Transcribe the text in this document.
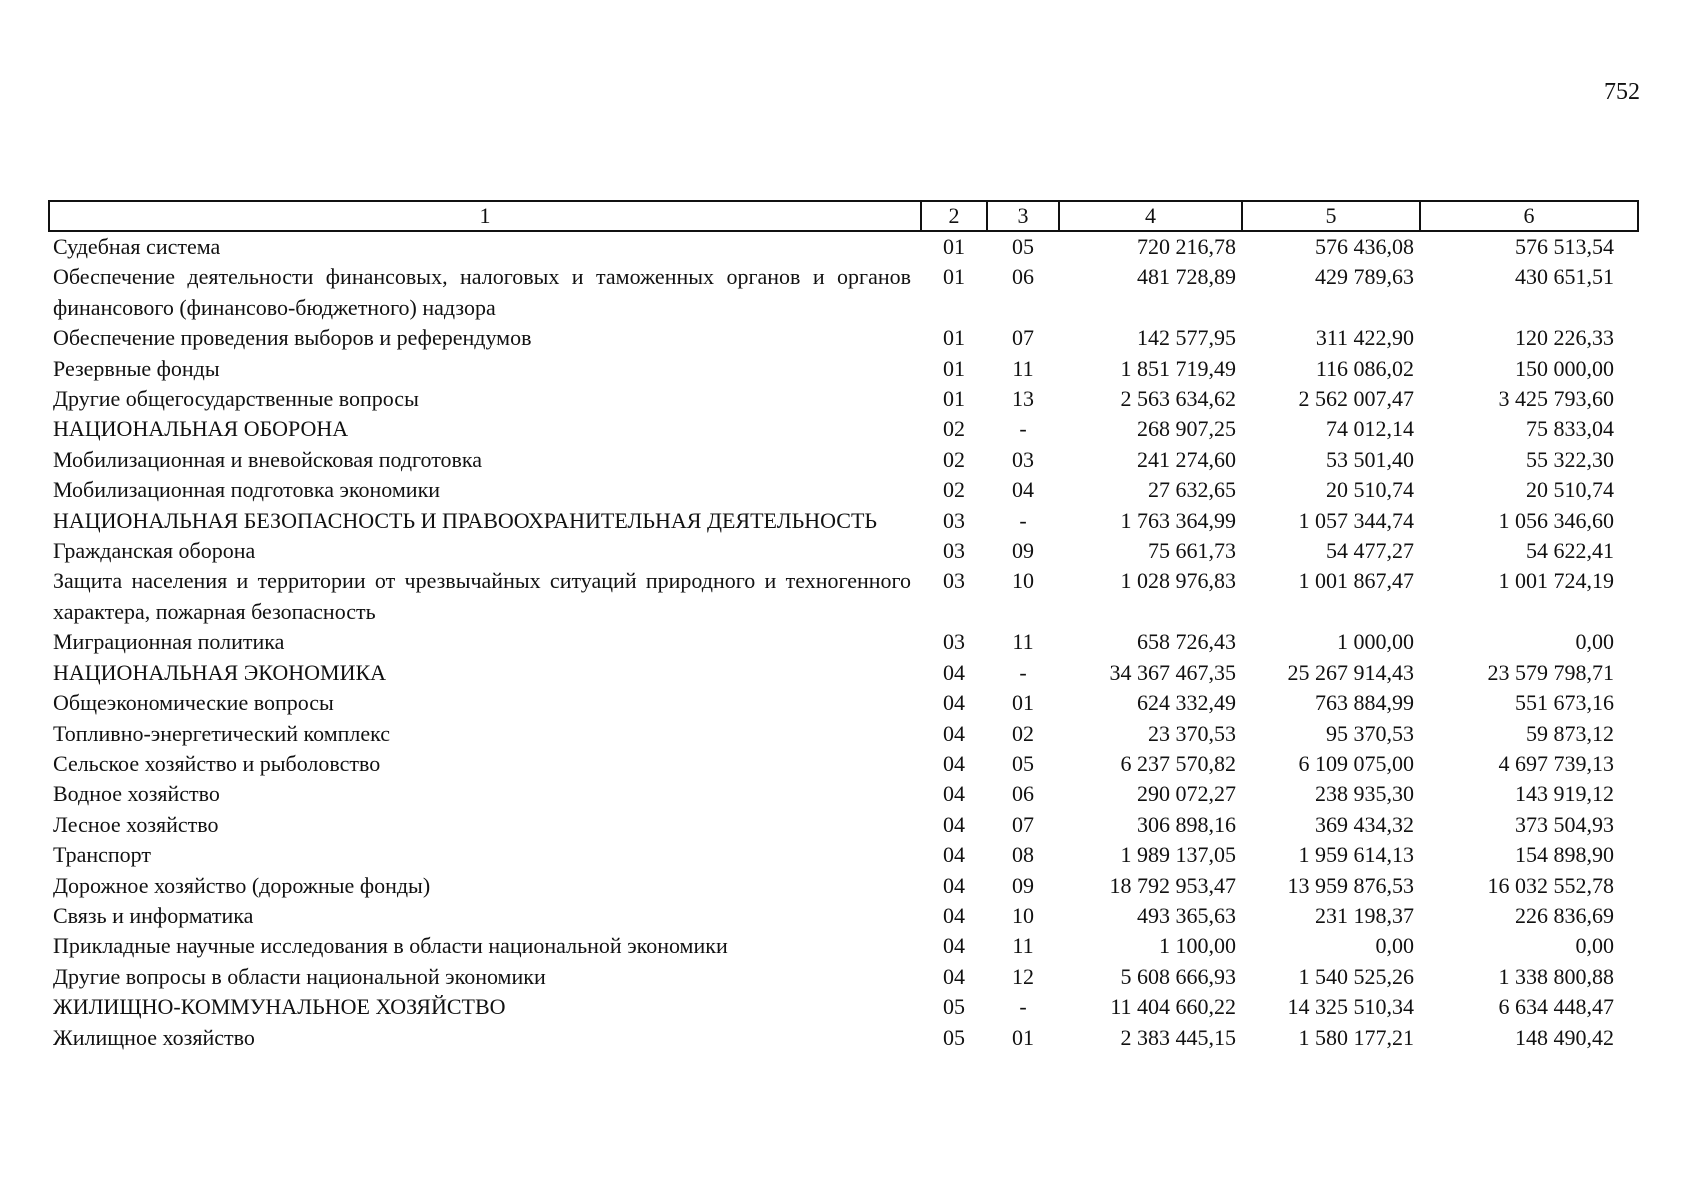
752
1	2	3	4	5	6
Судебная система	01	05	720 216,78	576 436,08	576 513,54
Обеспечение деятельности финансовых, налоговых и таможенных органов и органов финансового (финансово-бюджетного) надзора	01	06	481 728,89	429 789,63	430 651,51
Обеспечение проведения выборов и референдумов	01	07	142 577,95	311 422,90	120 226,33
Резервные фонды	01	11	1 851 719,49	116 086,02	150 000,00
Другие общегосударственные вопросы	01	13	2 563 634,62	2 562 007,47	3 425 793,60
НАЦИОНАЛЬНАЯ ОБОРОНА	02	-	268 907,25	74 012,14	75 833,04
Мобилизационная и вневойсковая подготовка	02	03	241 274,60	53 501,40	55 322,30
Мобилизационная подготовка экономики	02	04	27 632,65	20 510,74	20 510,74
НАЦИОНАЛЬНАЯ БЕЗОПАСНОСТЬ И ПРАВООХРАНИТЕЛЬНАЯ ДЕЯТЕЛЬНОСТЬ	03	-	1 763 364,99	1 057 344,74	1 056 346,60
Гражданская оборона	03	09	75 661,73	54 477,27	54 622,41
Защита населения и территории от чрезвычайных ситуаций природного и техногенного характера, пожарная безопасность	03	10	1 028 976,83	1 001 867,47	1 001 724,19
Миграционная политика	03	11	658 726,43	1 000,00	0,00
НАЦИОНАЛЬНАЯ ЭКОНОМИКА	04	-	34 367 467,35	25 267 914,43	23 579 798,71
Общеэкономические вопросы	04	01	624 332,49	763 884,99	551 673,16
Топливно-энергетический комплекс	04	02	23 370,53	95 370,53	59 873,12
Сельское хозяйство и рыболовство	04	05	6 237 570,82	6 109 075,00	4 697 739,13
Водное хозяйство	04	06	290 072,27	238 935,30	143 919,12
Лесное хозяйство	04	07	306 898,16	369 434,32	373 504,93
Транспорт	04	08	1 989 137,05	1 959 614,13	154 898,90
Дорожное хозяйство (дорожные фонды)	04	09	18 792 953,47	13 959 876,53	16 032 552,78
Связь и информатика	04	10	493 365,63	231 198,37	226 836,69
Прикладные научные исследования в области национальной экономики	04	11	1 100,00	0,00	0,00
Другие вопросы в области национальной экономики	04	12	5 608 666,93	1 540 525,26	1 338 800,88
ЖИЛИЩНО-КОММУНАЛЬНОЕ ХОЗЯЙСТВО	05	-	11 404 660,22	14 325 510,34	6 634 448,47
Жилищное хозяйство	05	01	2 383 445,15	1 580 177,21	148 490,42
